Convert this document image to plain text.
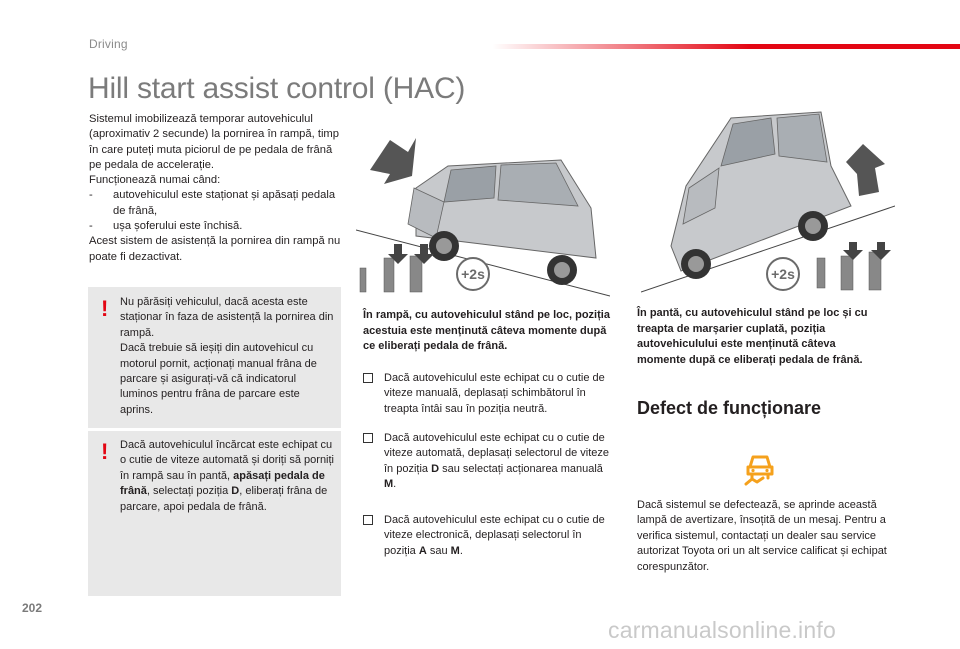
Driving
Hill start assist control (HAC)

Sistemul imobilizează temporar autovehiculul (aproximativ 2 secunde) la pornirea în rampă, timp în care puteți muta piciorul de pe pedala de frână pe pedala de accelerație.

Funcționează numai când:

-	autovehiculul este staționat și apăsați pedala de frână,
-	ușa șoferului este închisă.

Acest sistem de asistență la pornirea din rampă nu poate fi dezactivat.

! Nu părăsiți vehiculul, dacă acesta este staționar în faza de asistență la pornirea din rampă.
Dacă trebuie să ieșiți din autovehicul cu motorul pornit, acționați manual frâna de parcare și asigurați-vă că indicatorul luminos pentru frâna de parcare este aprins.
! Dacă autovehiculul încărcat este echipat cu o cutie de viteze automată și doriți să porniți în rampă sau în pantă, apăsați pedala de frână, selectați poziția D, eliberați frâna de parcare, apoi pedala de frână.
+2s	+2s
În rampă, cu autovehiculul stând pe loc, poziția acestuia este menținută câteva momente după ce eliberați pedala de frână.
În pantă, cu autovehiculul stând pe loc și cu treapta de marșarier cuplată, poziția autovehiculului este menținută câteva momente după ce eliberați pedala de frână.
Dacă autovehiculul este echipat cu o cutie de viteze manuală, deplasați schimbătorul în treapta întâi sau în poziția neutră.
Dacă autovehiculul este echipat cu o cutie de viteze automată, deplasați selectorul de viteze în poziția D sau selectați acționarea manuală M.
Dacă autovehiculul este echipat cu o cutie de viteze electronică, deplasați selectorul în poziția A sau M.
Defect de funcționare
Dacă sistemul se defectează, se aprinde această lampă de avertizare, însoțită de un mesaj. Pentru a verifica sistemul, contactați un dealer sau service autorizat Toyota ori un alt service calificat și echipat corespunzător.
202
carmanualsonline.info
